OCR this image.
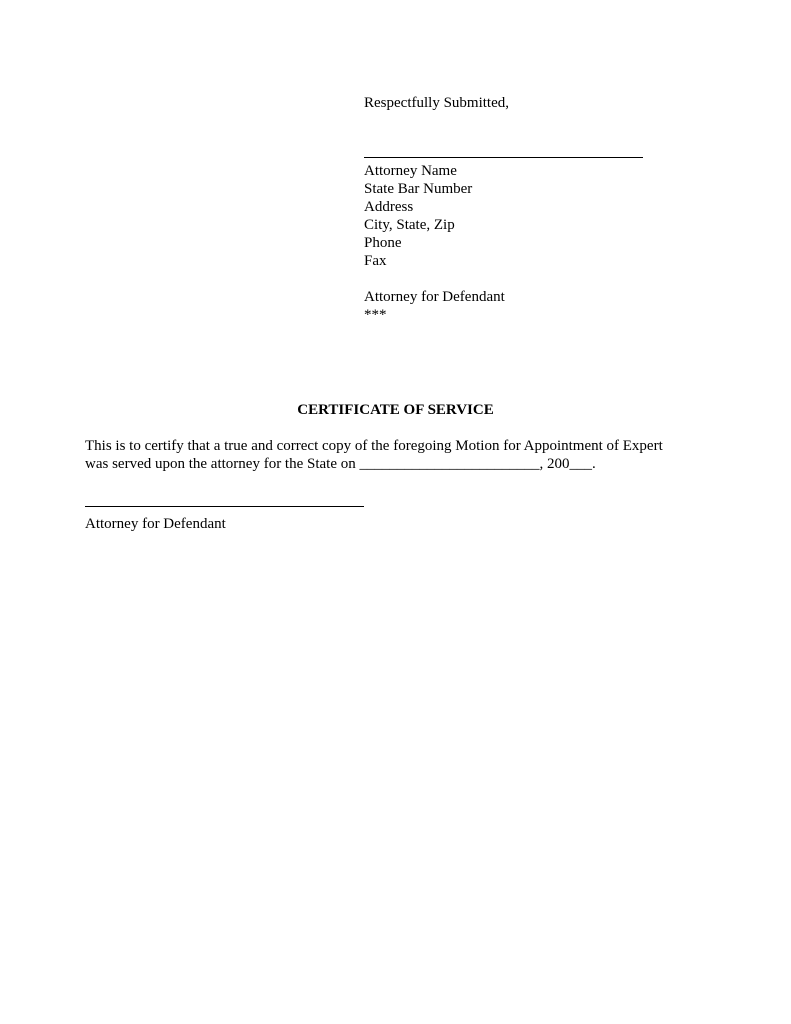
Respectfully Submitted,
Attorney Name
State Bar Number
Address
City, State, Zip
Phone
Fax
Attorney for Defendant
***
CERTIFICATE OF SERVICE
This is to certify that a true and correct copy of the foregoing Motion for Appointment of Expert
was served upon the attorney for the State on ________________________, 200___.
Attorney for Defendant
